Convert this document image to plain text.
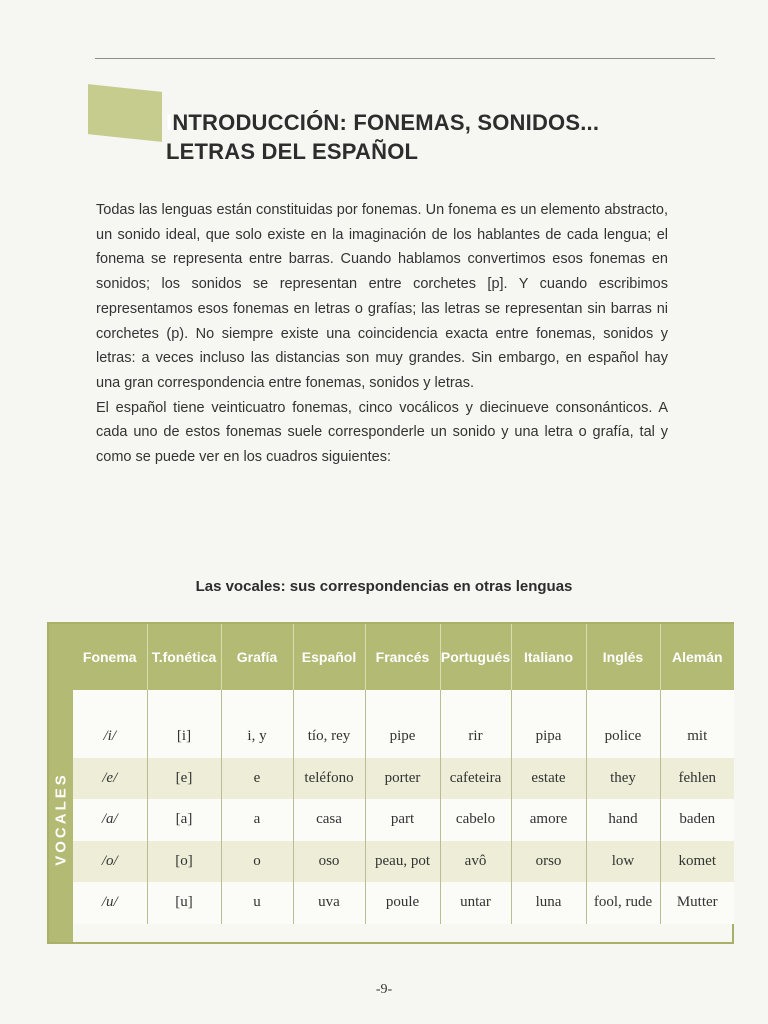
INTRODUCCIÓN: FONEMAS, SONIDOS...
LETRAS DEL ESPAÑOL

Todas las lenguas están constituidas por fonemas. Un fonema es un elemento abstracto, un sonido ideal, que solo existe en la imaginación de los hablantes de cada lengua; el fonema se representa entre barras. Cuando hablamos convertimos esos fonemas en sonidos; los sonidos se representan entre corchetes [p]. Y cuando escribimos representamos esos fonemas en letras o grafías; las letras se representan sin barras ni corchetes (p). No siempre existe una coincidencia exacta entre fonemas, sonidos y letras: a veces incluso las distancias son muy grandes. Sin embargo, en español hay una gran correspondencia entre fonemas, sonidos y letras.

El español tiene veinticuatro fonemas, cinco vocálicos y diecinueve consonánticos. A cada uno de estos fonemas suele corresponderle un sonido y una letra o grafía, tal y como se puede ver en los cuadros siguientes:

Las vocales: sus correspondencias en otras lenguas
VOCALES
Fonema	T.fonética	Grafía	Español	Francés	Portugués	Italiano	Inglés	Alemán

/i/	[i]	i, y	tío, rey	pipe	rir	pipa	police	mit
/e/	[e]	e	teléfono	porter	cafeteira	estate	they	fehlen
/a/	[a]	a	casa	part	cabelo	amore	hand	baden
/o/	[o]	o	oso	peau, pot	avô	orso	low	komet
/u/	[u]	u	uva	poule	untar	luna	fool, rude	Mutter
-9-
